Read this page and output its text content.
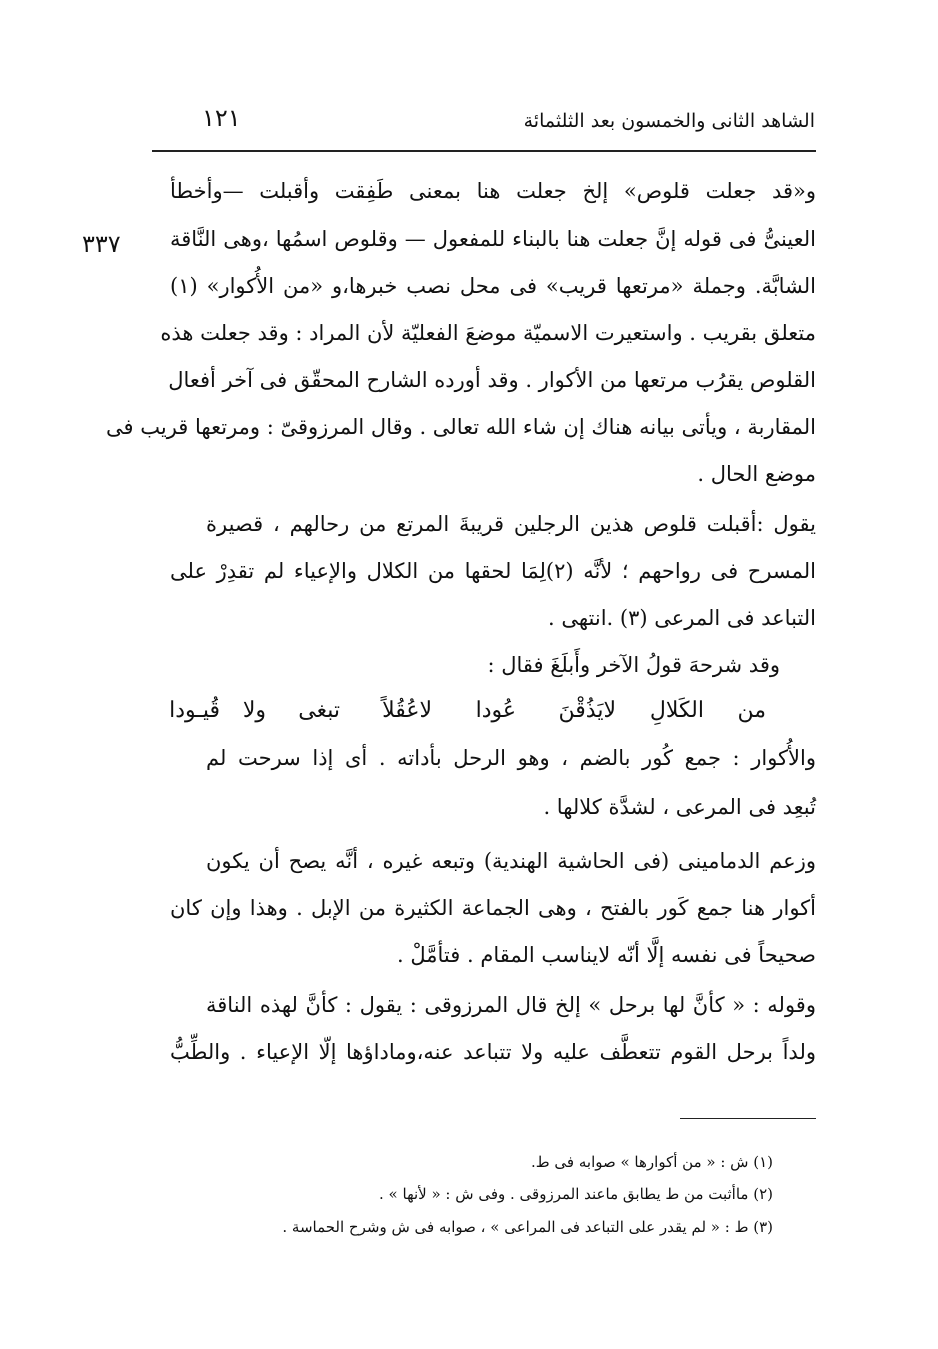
الشاهد الثانى والخمسون بعد الثلثمائة
١٢١
٣٣٧
و«قد جعلت قلوص» إلخ جعلت هنا بمعنى طَفِقت وأقبلت —وأخطأ
العينىُّ فى قوله إنَّ جعلت هنا بالبناء للمفعول — وقلوص اسمُها ،وهى النَّاقة
الشابَّة. وجملة «مرتعها قريب» فى محل نصب خبرها،و «من الأُكوار» (١)
متعلق بقريب . واستعيرت الاسميّة موضعَ الفعليّة لأن المراد : وقد جعلت هذه
القلوص يقرُب مرتعها من الأكوار . وقد أورده الشارح المحقّق فى آخر أفعال
المقاربة ، ويأتى بيانه هناك إن شاء الله تعالى . وقال المرزوقىّ : ومرتعها قريب فى
موضع الحال .
يقول :أقبلت قلوص هذين الرجلين قريبةَ المرتع من رحالهم ، قصيرة
المسرح فى رواحهم ؛ لأنَّه (٢)لِمَا لحقها من الكلال والإعياء لم تقدِرْ على
التباعد فى المرعى (٣) .انتهى .
وقد شرحهَ قولُ الآخر وأَبلَغَ فقال :
من
الكَلالِ
لايَذُقْنَ
عُودا
لاعُقُلاً
تبغى
ولا
قُيـودا
والأُكوار : جمع كُور بالضم ، وهو الرحل بأداته . أى إذا سرحت لم
تُبعِد فى المرعى ، لشدَّة كلالها .
وزعم الدمامينى (فى الحاشية الهندية) وتبعه غيره ، أنَّه يصح أن يكون
أكوار هنا جمع كَور بالفتح ، وهى الجماعة الكثيرة من الإبل . وهذا وإن كان
صحيحاً فى نفسه إلَّا أنّه لايناسب المقام . فتأمَّلْ .
وقوله : « كأنَّ لها برحل » إلخ قال المرزوقى : يقول : كأنَّ لهذه الناقة
ولداً برحل القوم تتعطَّف عليه ولا تتباعد عنه،وماداؤها إلّا الإعياء . والطِّبُّ
(١) ش : « من أكوارها » صوابه فى ط.
(٢) ماأثبت من ط يطابق ماعند المرزوقى . وفى ش : « لأنها » .
(٣) ط : « لم يقدر على التباعد فى المراعى » ، صوابه فى ش وشرح الحماسة .
